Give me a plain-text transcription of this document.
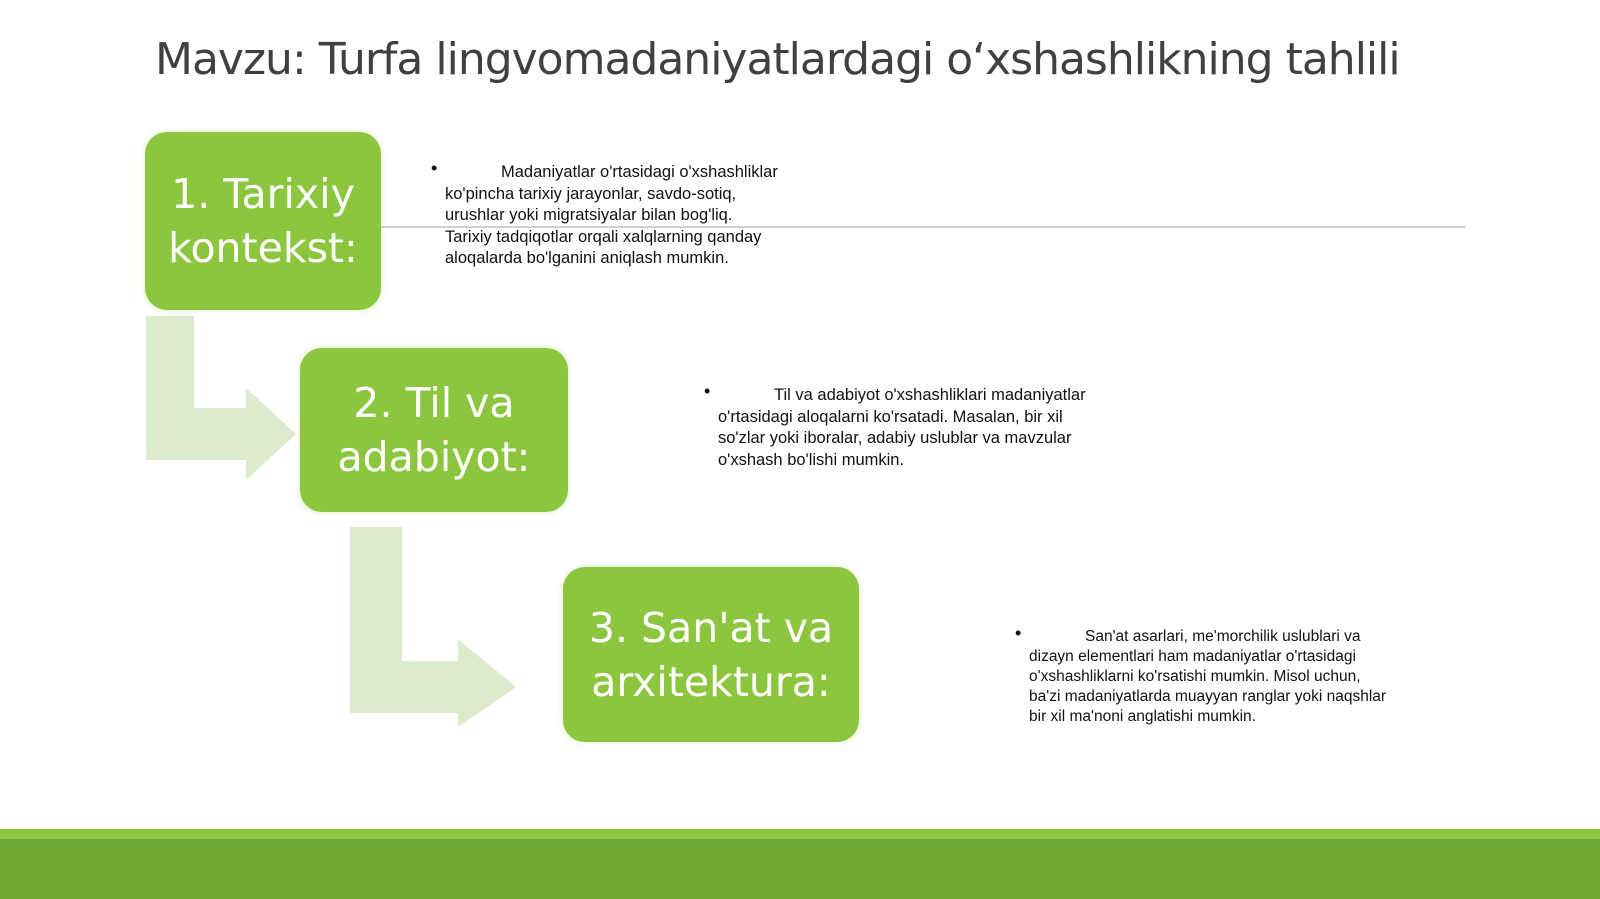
Mavzu: Turfa lingvomadaniyatlardagi o‘xshashlikning tahlili
1. Tarixiy
kontekst:
•	Madaniyatlar o'rtasidagi o'xshashliklar ko'pincha tarixiy jarayonlar, savdo-sotiq, urushlar yoki migratsiyalar bilan bog'liq. Tarixiy tadqiqotlar orqali xalqlarning qanday aloqalarda bo'lganini aniqlash mumkin.

2. Til va
adabiyot:
•	Til va adabiyot o'xshashliklari madaniyatlar o'rtasidagi aloqalarni ko'rsatadi. Masalan, bir xil so'zlar yoki iboralar, adabiy uslublar va mavzular o'xshash bo'lishi mumkin.

3. San'at va
arxitektura:
•	San'at asarlari, me'morchilik uslublari va dizayn elementlari ham madaniyatlar o'rtasidagi o'xshashliklarni ko'rsatishi mumkin. Misol uchun, ba'zi madaniyatlarda muayyan ranglar yoki naqshlar bir xil ma'noni anglatishi mumkin.
